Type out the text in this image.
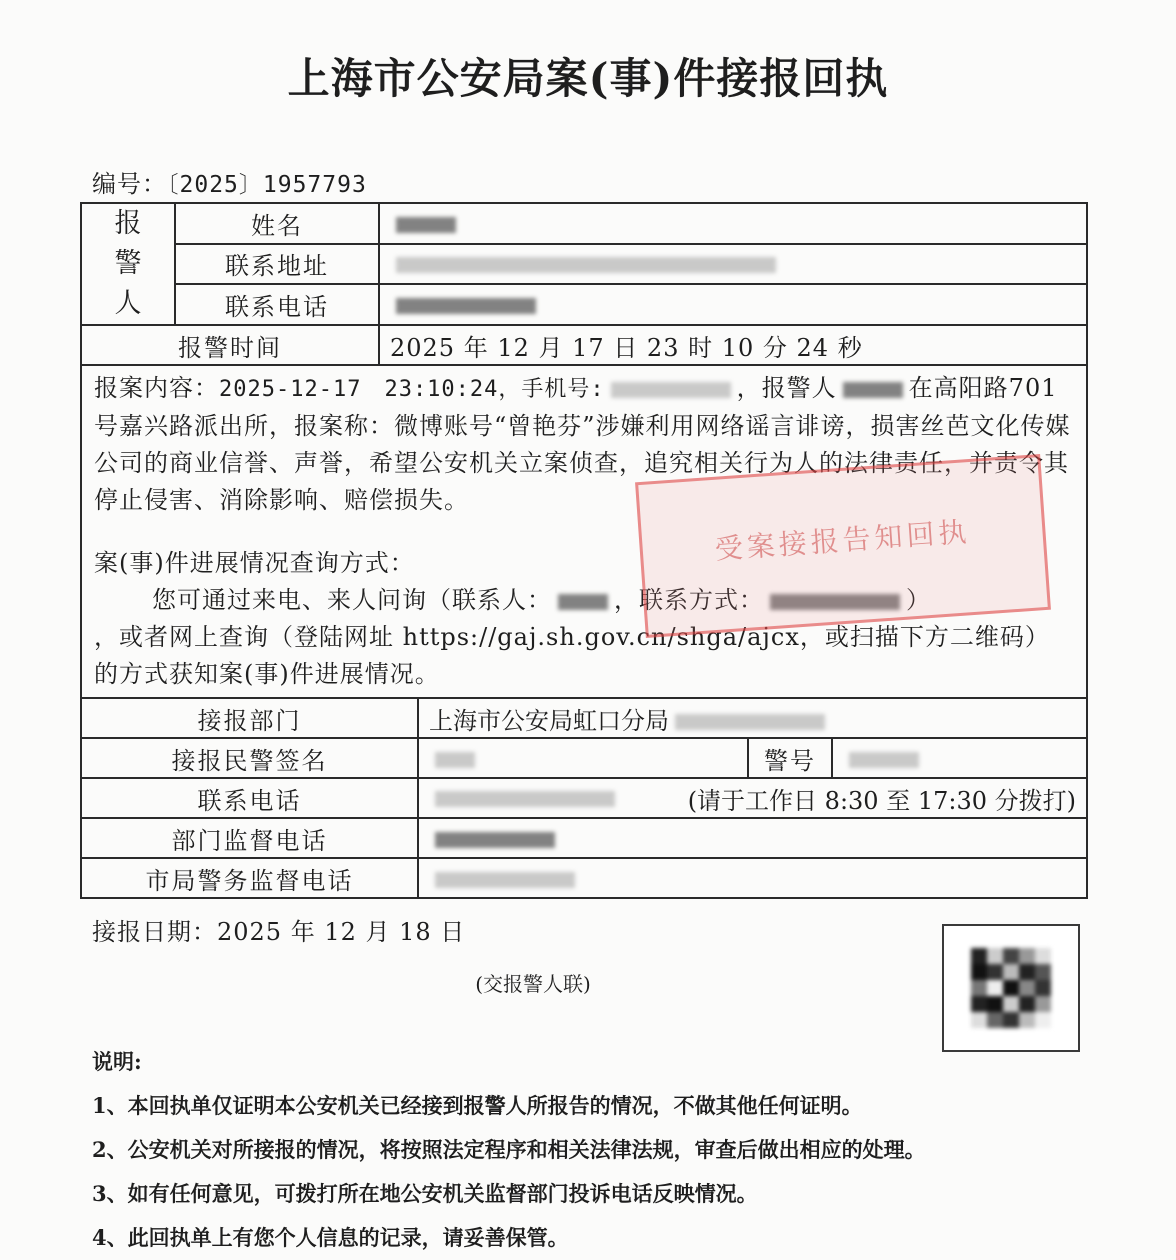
上海市公安局案(事)件接报回执
编号：〔2025〕1957793
报
警
人	姓名				
	联系地址				
	联系电话				
报警时间		2025 年 12 月 17 日 23 时 10 分 24 秒			

报案内容：2025-12-17　23:10:24，手机号: ，报警人 在高阳路701号嘉兴路派出所，报案称：微博账号“曾艳芬”涉嫌利用网络谣言诽谤，损害丝芭文化传媒公司的商业信誉、声誉，希望公安机关立案侦查，追究相关行为人的法律责任，并责令其停止侵害、消除影响、赔偿损失。

案(事)件进展情况查询方式：

您可通过来电、来人问询（联系人： ，联系方式： ）

，或者网上查询（登陆网址 https://gaj.sh.gov.cn/shga/ajcx，或扫描下方二维码）的方式获知案(事)件进展情况。					

接报部门			上海市公安局虹口分局		
接报民警签名				警号	
联系电话			(请于工作日 8:30 至 17:30 分拨打)		
部门监督电话					
市局警务监督电话					
受案接报告知回执
接报日期：2025 年 12 月 18 日
(交报警人联)
说明:
1、本回执单仅证明本公安机关已经接到报警人所报告的情况，不做其他任何证明。
2、公安机关对所接报的情况，将按照法定程序和相关法律法规，审查后做出相应的处理。
3、如有任何意见，可拨打所在地公安机关监督部门投诉电话反映情况。
4、此回执单上有您个人信息的记录，请妥善保管。
